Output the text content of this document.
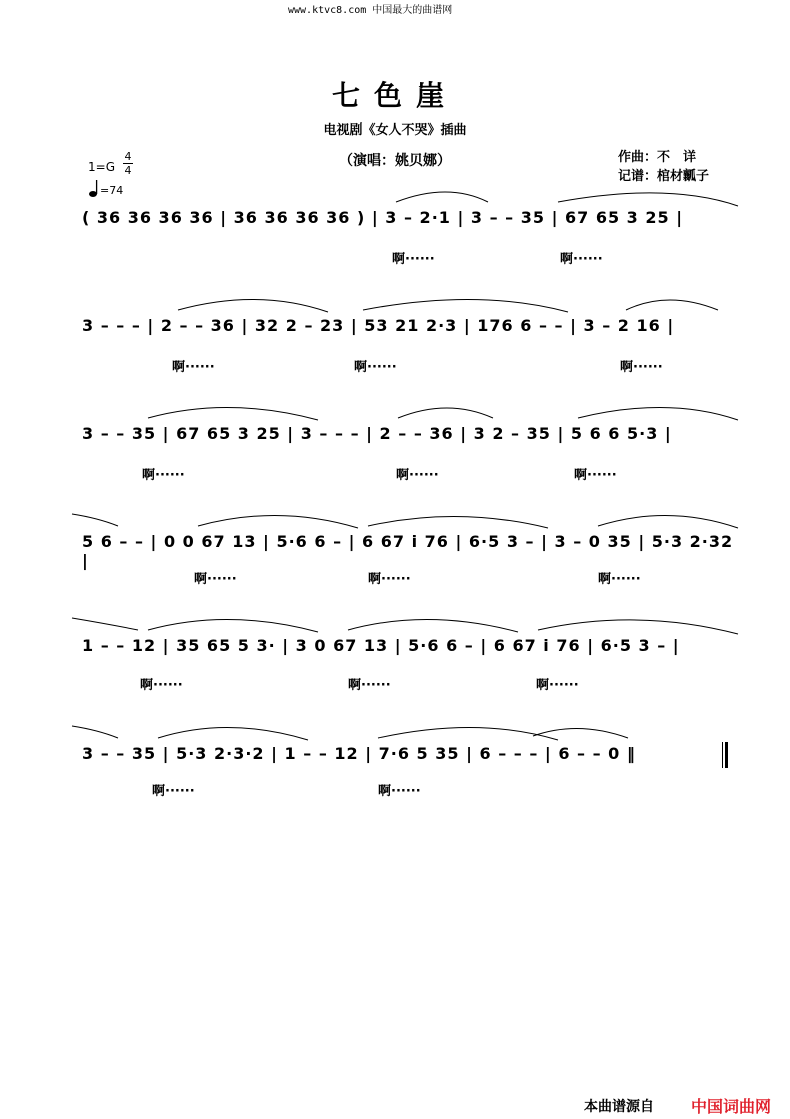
www.ktvc8.com 中国最大的曲谱网
七色崖
电视剧《女人不哭》插曲
（演唱：姚贝娜）	作曲：不　详
记谱：棺材瓤子
1=G
4
4
=74
( 36 36 36 36 | 36 36 36 36 ) | 3 – 2·1 | 3 – – 35 | 67 65 3 25 |
啊······	啊······
3 – – – | 2 – – 36 | 32 2 – 23 | 53 21 2·3 | 176 6 – – | 3 – 2 16 |
啊······	啊······	啊······
3 – – 35 | 67 65 3 25 | 3 – – – | 2 – – 36 | 3 2 – 35 | 5 6 6 5·3 |
啊······	啊······	啊······
5 6 – – | 0 0 67 13 | 5·6 6 – | 6 67 i 76 | 6·5 3 – | 3 – 0 35 | 5·3 2·32 |
啊······	啊······	啊······
1 – – 12 | 35 65 5 3· | 3 0 67 13 | 5·6 6 – | 6 67 i 76 | 6·5 3 – |
啊······	啊······	啊······
3 – – 35 | 5·3 2·3·2 | 1 – – 12 | 7·6 5 35 | 6 – – – | 6 – – 0 ‖
啊······	啊······
本曲谱源自 中国词曲网
